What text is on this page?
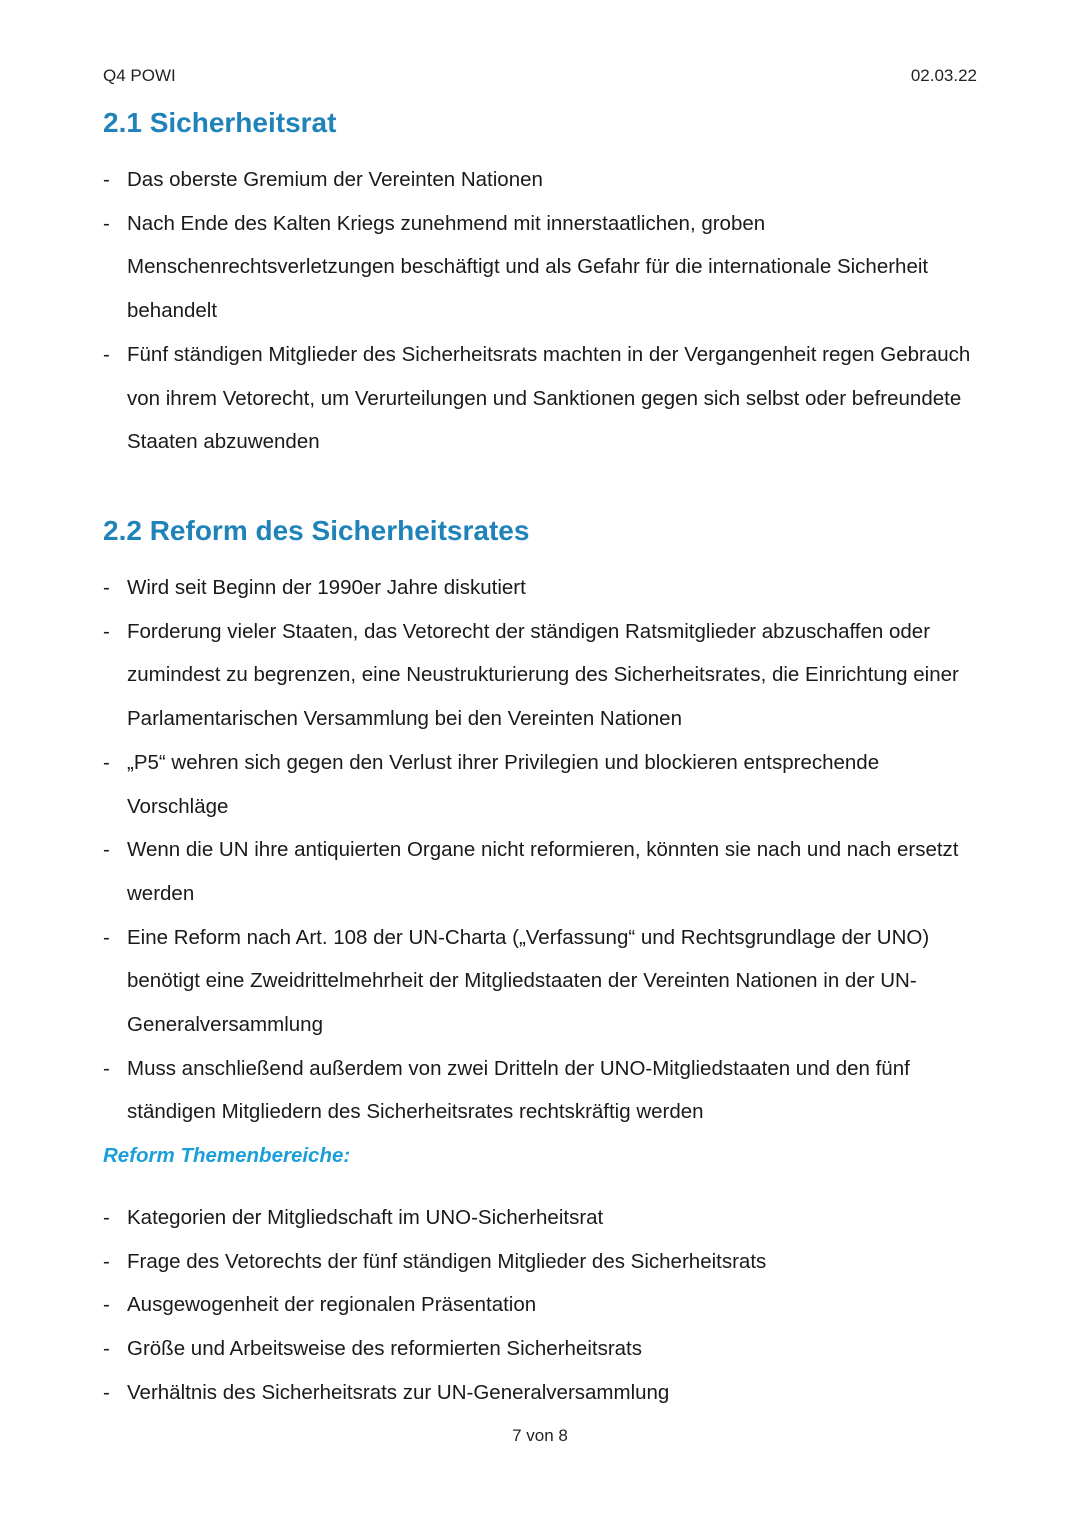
Q4 POWI	02.03.22
2.1 Sicherheitsrat
- Das oberste Gremium der Vereinten Nationen
- Nach Ende des Kalten Kriegs zunehmend mit innerstaatlichen, groben Menschenrechtsverletzungen beschäftigt und als Gefahr für die internationale Sicherheit behandelt
- Fünf ständigen Mitglieder des Sicherheitsrats machten in der Vergangenheit regen Gebrauch von ihrem Vetorecht, um Verurteilungen und Sanktionen gegen sich selbst oder befreundete Staaten abzuwenden
2.2 Reform des Sicherheitsrates
- Wird seit Beginn der 1990er Jahre diskutiert
- Forderung vieler Staaten, das Vetorecht der ständigen Ratsmitglieder abzuschaffen oder zumindest zu begrenzen, eine Neustrukturierung des Sicherheitsrates, die Einrichtung einer Parlamentarischen Versammlung bei den Vereinten Nationen
- „P5“ wehren sich gegen den Verlust ihrer Privilegien und blockieren entsprechende Vorschläge
- Wenn die UN ihre antiquierten Organe nicht reformieren, könnten sie nach und nach ersetzt werden
- Eine Reform nach Art. 108 der UN-Charta („Verfassung“ und Rechtsgrundlage der UNO) benötigt eine Zweidrittelmehrheit der Mitgliedstaaten der Vereinten Nationen in der UN-Generalversammlung
- Muss anschließend außerdem von zwei Dritteln der UNO-Mitgliedstaaten und den fünf ständigen Mitgliedern des Sicherheitsrates rechtskräftig werden
Reform Themenbereiche:
- Kategorien der Mitgliedschaft im UNO-Sicherheitsrat
- Frage des Vetorechts der fünf ständigen Mitglieder des Sicherheitsrats
- Ausgewogenheit der regionalen Präsentation
- Größe und Arbeitsweise des reformierten Sicherheitsrats
- Verhältnis des Sicherheitsrats zur UN-Generalversammlung
7 von 8
